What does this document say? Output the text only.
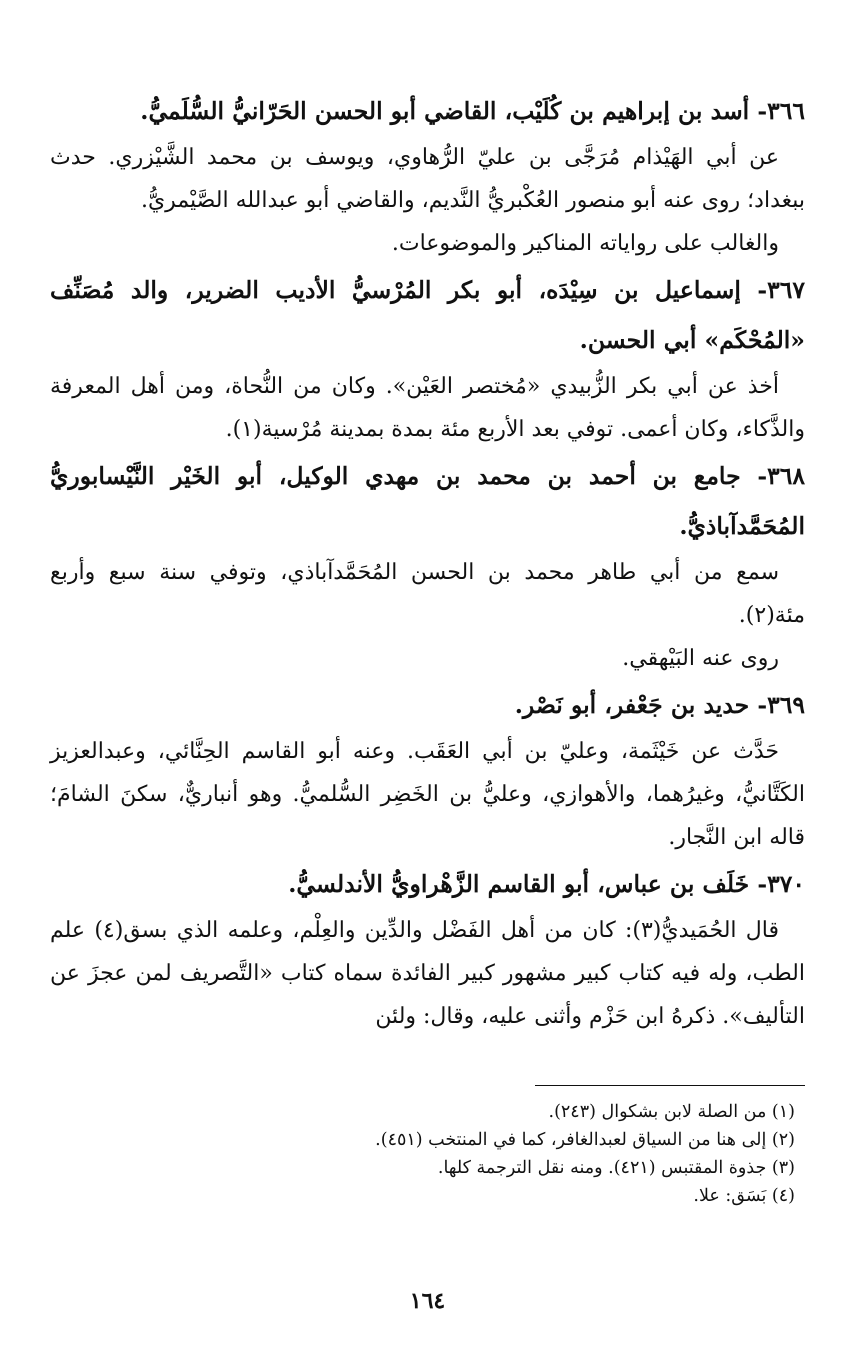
٣٦٦- أسد بن إبراهيم بن كُلَيْب، القاضي أبو الحسن الحَرّانيُّ السُّلَميُّ.

عن أبي الهَيْذام مُرَجَّى بن عليّ الرُّهاوي، ويوسف بن محمد الشَّيْزري. حدث ببغداد؛ روى عنه أبو منصور العُكْبريُّ النَّديم، والقاضي أبو عبدالله الصَّيْمريُّ.

والغالب على رواياته المناكير والموضوعات.

٣٦٧- إسماعيل بن سِيْدَه، أبو بكر المُرْسيُّ الأديب الضرير، والد مُصَنِّف «المُحْكَم» أبي الحسن.

أخذ عن أبي بكر الزُّبيدي «مُختصر العَيْن». وكان من النُّحاة، ومن أهل المعرفة والذَّكاء، وكان أعمى. توفي بعد الأربع مئة بمدة بمدينة مُرْسية(١).

٣٦٨- جامع بن أحمد بن محمد بن مهدي الوكيل، أبو الخَيْر النَّيْسابوريُّ المُحَمَّدآباذيُّ.

سمع من أبي طاهر محمد بن الحسن المُحَمَّدآباذي، وتوفي سنة سبع وأربع مئة(٢).

روى عنه البَيْهقي.

٣٦٩- حديد بن جَعْفر، أبو نَصْر.

حَدَّث عن خَيْثَمة، وعليّ بن أبي العَقَب. وعنه أبو القاسم الحِنَّائي، وعبدالعزيز الكَتَّانيُّ، وغيرُهما، والأهوازي، وعليُّ بن الخَضِر السُّلميُّ. وهو أنباريٌّ، سكنَ الشامَ؛ قاله ابن النَّجار.

٣٧٠- خَلَف بن عباس، أبو القاسم الزَّهْراويُّ الأندلسيُّ.

قال الحُمَيديُّ(٣): كان من أهل الفَضْل والدِّين والعِلْم، وعلمه الذي بسق(٤) علم الطب، وله فيه كتاب كبير مشهور كبير الفائدة سماه كتاب «التَّصريف لمن عجزَ عن التأليف». ذكرهُ ابن حَزْم وأثنى عليه، وقال: ولئن

(١) من الصلة لابن بشكوال (٢٤٣).
(٢) إلى هنا من السياق لعبدالغافر، كما في المنتخب (٤٥١).
(٣) جذوة المقتبس (٤٢١). ومنه نقل الترجمة كلها.
(٤) بَسَق: علا.
١٦٤
